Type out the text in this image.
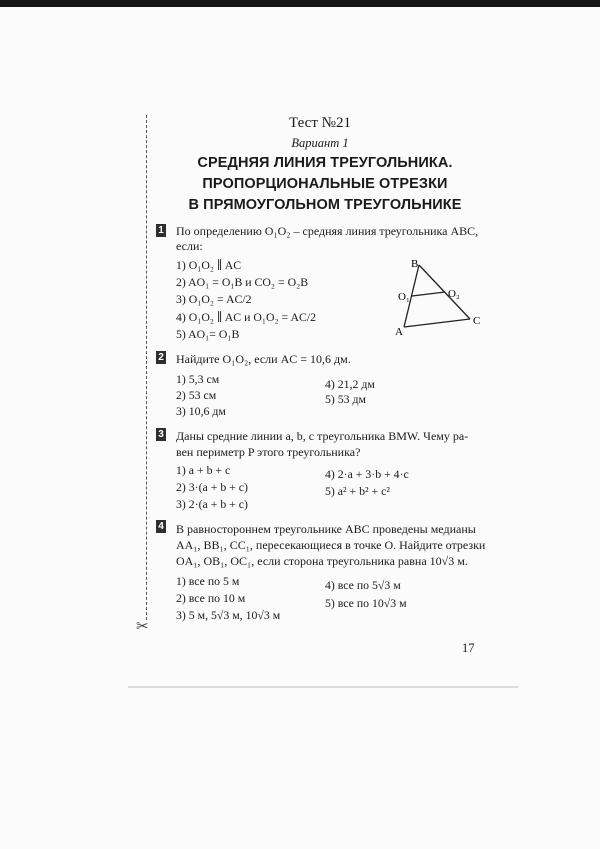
✂
Тест №21
Вариант 1
СРЕДНЯЯ ЛИНИЯ ТРЕУГОЛЬНИКА.
ПРОПОРЦИОНАЛЬНЫЕ ОТРЕЗКИ
В ПРЯМОУГОЛЬНОМ ТРЕУГОЛЬНИКЕ
1 По определению O₁O₂ – средняя линия треугольника ABC,
если:
1) O₁O₂ ∥ AC
2) AO₁ = O₁B и CO₂ = O₂B
3) O₁O₂ = AC/2
4) O₁O₂ ∥ AC и O₁O₂ = AC/2
5) AO₁= O₁B
B
O₁	O₂
A
C
2 Найдите O₁O₂, если AC = 10,6 дм.
1) 5,3 см
2) 53 см
3) 10,6 дм
4) 21,2 дм
5) 53 дм
3 Даны средние линии a, b, c треугольника BMW. Чему ра-
вен периметр P этого треугольника?
1) a + b + c
2) 3·(a + b + c)
3) 2·(a + b + c)
4) 2·a + 3·b + 4·c
5) a² + b² + c²
4 В равностороннем треугольнике ABC проведены медианы
AA₁, BB₁, CC₁, пересекающиеся в точке O. Найдите отрезки
OA₁, OB₁, OC₁, если сторона треугольника равна 10√3 м.
1) все по 5 м
2) все по 10 м
3) 5 м, 5√3 м, 10√3 м
4) все по 5√3 м
5) все по 10√3 м
17
